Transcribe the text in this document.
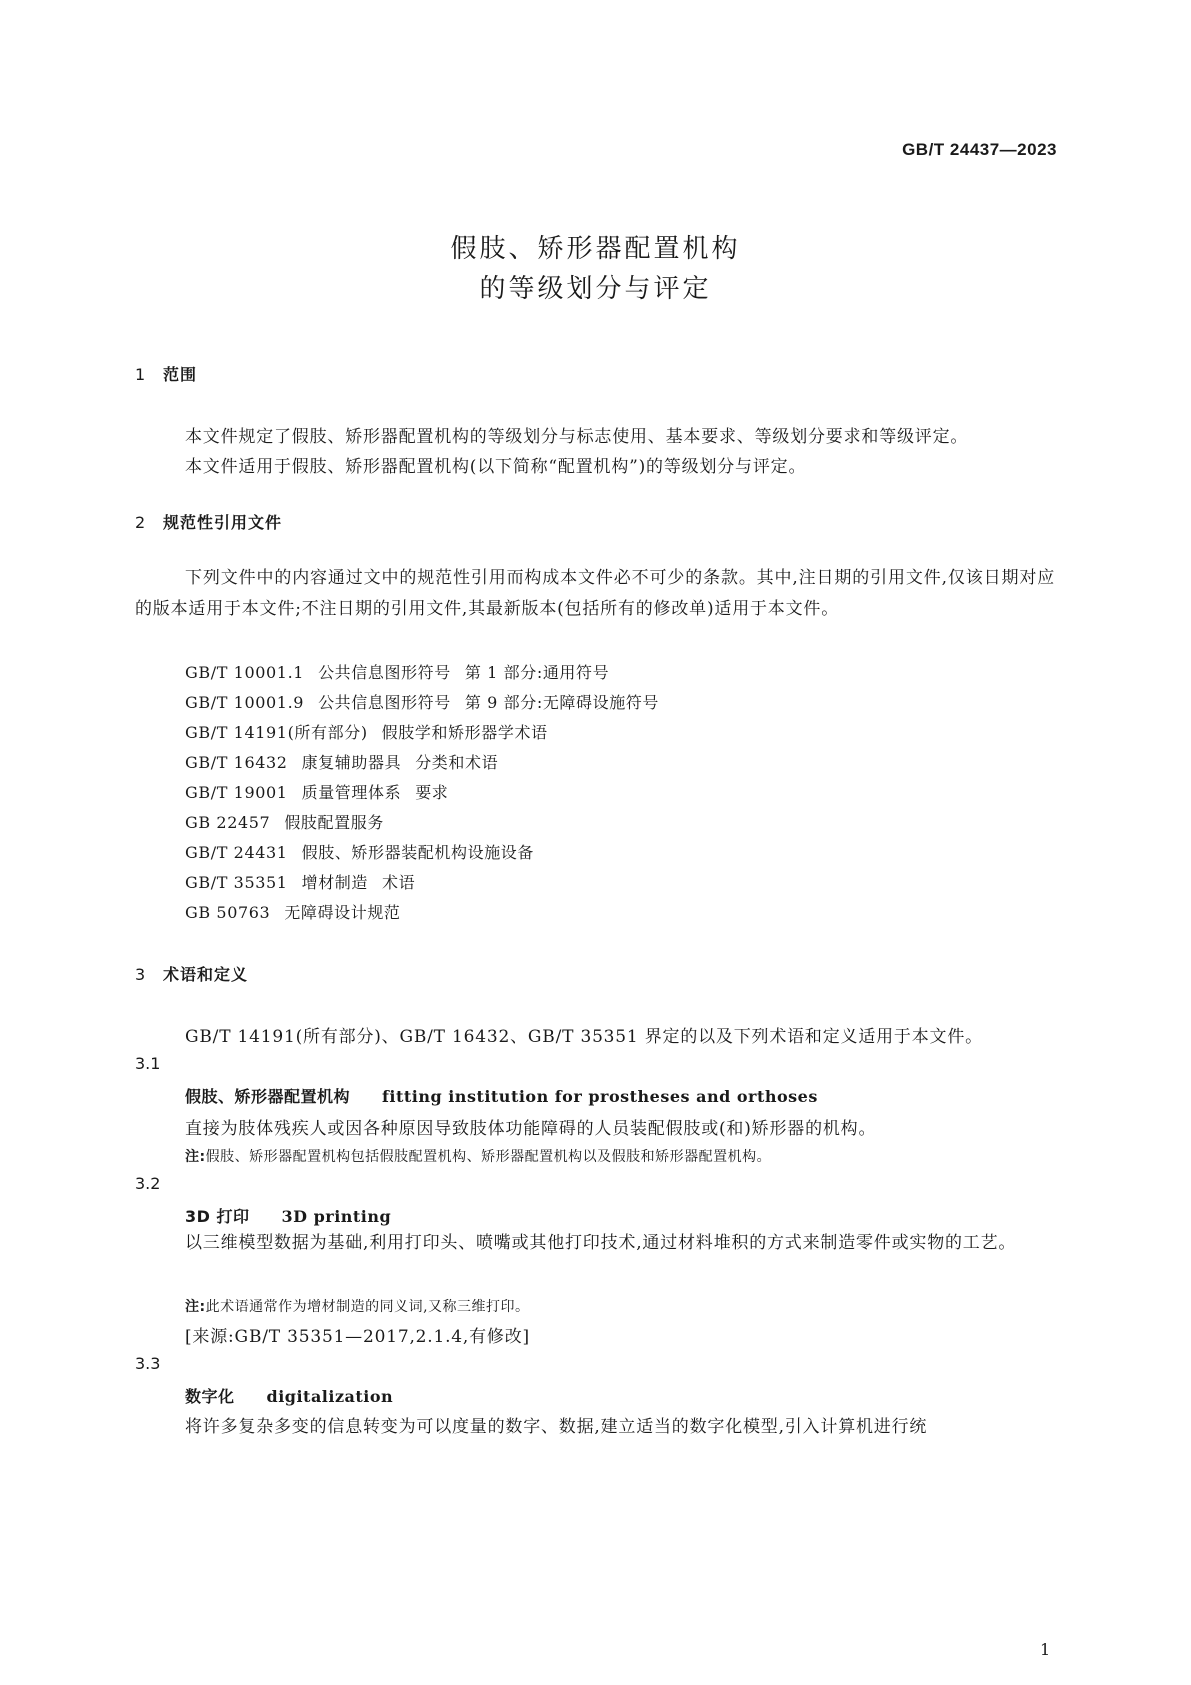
GB/T 24437—2023
假肢、矫形器配置机构
的等级划分与评定
1 范围
本文件规定了假肢、矫形器配置机构的等级划分与标志使用、基本要求、等级划分要求和等级评定。
本文件适用于假肢、矫形器配置机构(以下简称“配置机构”)的等级划分与评定。
2 规范性引用文件
下列文件中的内容通过文中的规范性引用而构成本文件必不可少的条款。其中,注日期的引用文件,仅该日期对应的版本适用于本文件;不注日期的引用文件,其最新版本(包括所有的修改单)适用于本文件。
GB/T 10001.1 公共信息图形符号 第 1 部分:通用符号
GB/T 10001.9 公共信息图形符号 第 9 部分:无障碍设施符号
GB/T 14191(所有部分) 假肢学和矫形器学术语
GB/T 16432 康复辅助器具 分类和术语
GB/T 19001 质量管理体系 要求
GB 22457 假肢配置服务
GB/T 24431 假肢、矫形器装配机构设施设备
GB/T 35351 增材制造 术语
GB 50763 无障碍设计规范
3 术语和定义
GB/T 14191(所有部分)、GB/T 16432、GB/T 35351 界定的以及下列术语和定义适用于本文件。
3.1
假肢、矫形器配置机构 fitting institution for prostheses and orthoses
直接为肢体残疾人或因各种原因导致肢体功能障碍的人员装配假肢或(和)矫形器的机构。
注:假肢、矫形器配置机构包括假肢配置机构、矫形器配置机构以及假肢和矫形器配置机构。
3.2
3D 打印 3D printing
以三维模型数据为基础,利用打印头、喷嘴或其他打印技术,通过材料堆积的方式来制造零件或实物的工艺。
注:此术语通常作为增材制造的同义词,又称三维打印。
[来源:GB/T 35351—2017,2.1.4,有修改]
3.3
数字化 digitalization
将许多复杂多变的信息转变为可以度量的数字、数据,建立适当的数字化模型,引入计算机进行统
1
